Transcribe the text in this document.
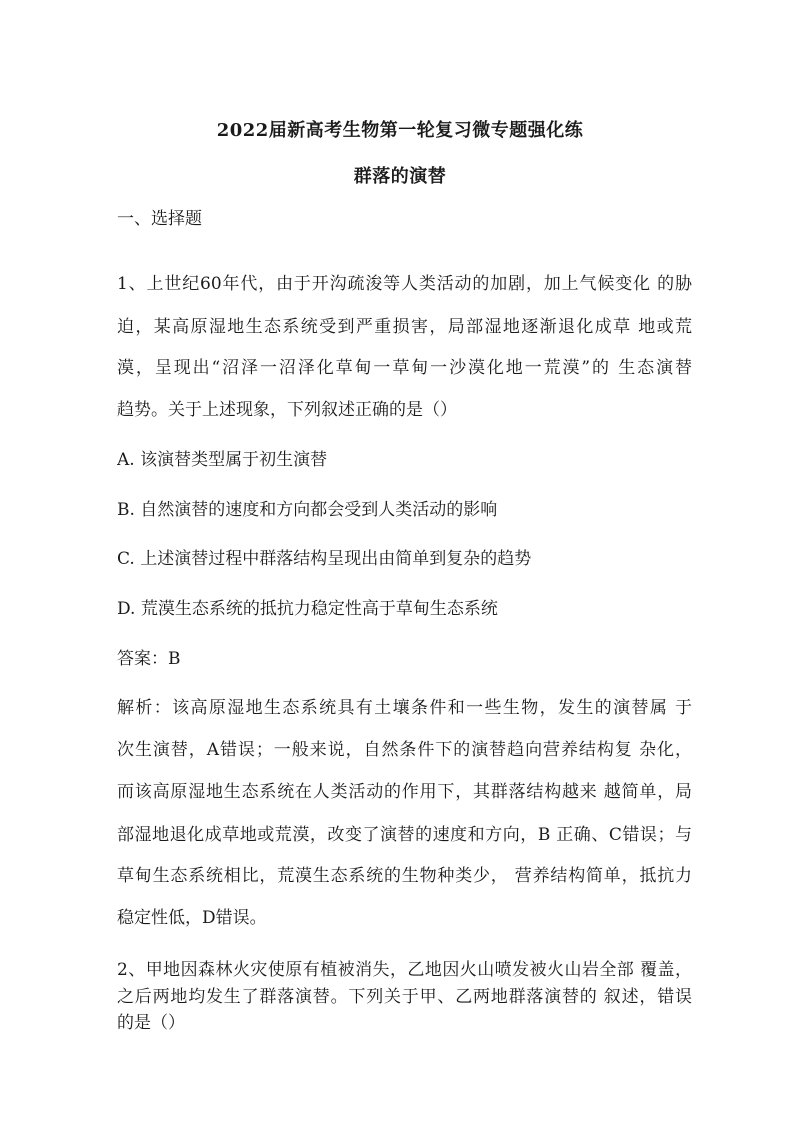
2022届新高考生物第一轮复习微专题强化练
群落的演替
一、选择题
1、上世纪60年代，由于开沟疏浚等人类活动的加剧，加上气候变化 的胁
迫，某高原湿地生态系统受到严重损害，局部湿地逐渐退化成草 地或荒
漠，呈现出“沼泽一沼泽化草甸一草甸一沙漠化地一荒漠”的 生态演替
趋势。关于上述现象，下列叙述正确的是（）
A. 该演替类型属于初生演替
B. 自然演替的速度和方向都会受到人类活动的影响
C. 上述演替过程中群落结构呈现出由简单到复杂的趋势
D. 荒漠生态系统的抵抗力稳定性高于草甸生态系统
答案：B
解析：该高原湿地生态系统具有土壤条件和一些生物，发生的演替属 于
次生演替，A错误；一般来说，自然条件下的演替趋向营养结构复 杂化，
而该高原湿地生态系统在人类活动的作用下，其群落结构越来 越简单，局
部湿地退化成草地或荒漠，改变了演替的速度和方向，B 正确、C错误；与
草甸生态系统相比，荒漠生态系统的生物种类少， 营养结构简单，抵抗力
稳定性低，D错误。
2、甲地因森林火灾使原有植被消失，乙地因火山喷发被火山岩全部 覆盖，
之后两地均发生了群落演替。下列关于甲、乙两地群落演替的 叙述，错误
的是（）
